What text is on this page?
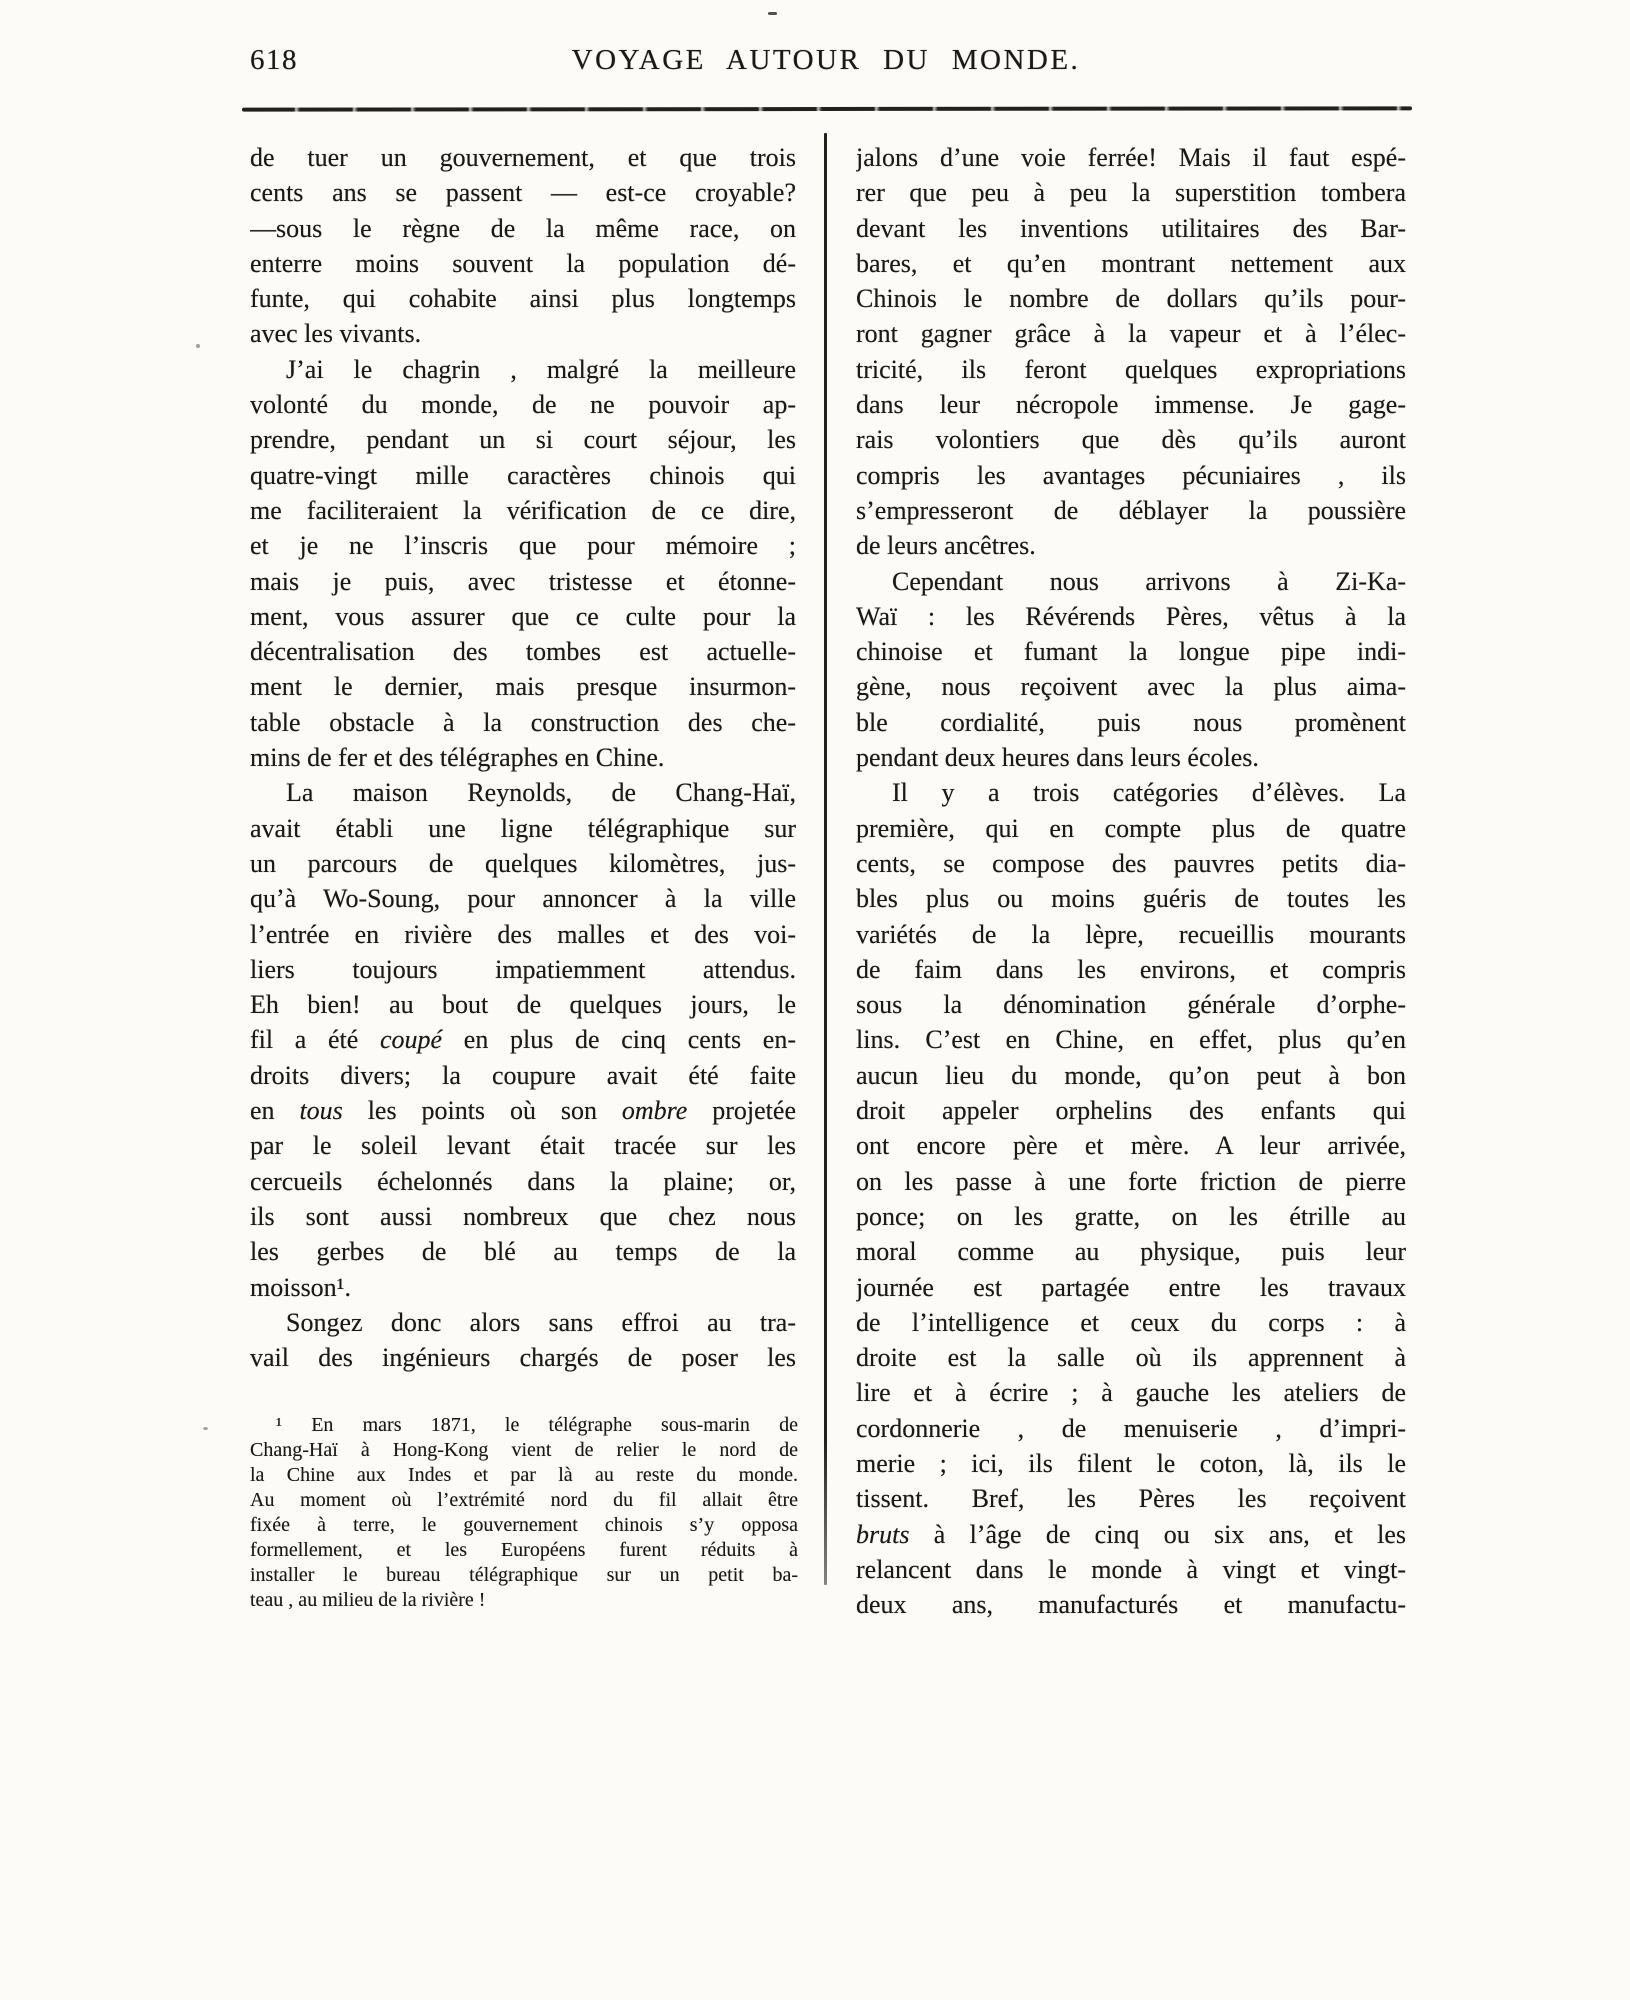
618	VOYAGE AUTOUR DU MONDE.
de tuer un gouvernement, et que trois
cents ans se passent — est-ce croyable?
—sous le règne de la même race, on
enterre moins souvent la population dé-
funte, qui cohabite ainsi plus longtemps
avec les vivants.
J’ai le chagrin , malgré la meilleure
volonté du monde, de ne pouvoir ap-
prendre, pendant un si court séjour, les
quatre-vingt mille caractères chinois qui
me faciliteraient la vérification de ce dire,
et je ne l’inscris que pour mémoire ;
mais je puis, avec tristesse et étonne-
ment, vous assurer que ce culte pour la
décentralisation des tombes est actuelle-
ment le dernier, mais presque insurmon-
table obstacle à la construction des che-
mins de fer et des télégraphes en Chine.
La maison Reynolds, de Chang-Haï,
avait établi une ligne télégraphique sur
un parcours de quelques kilomètres, jus-
qu’à Wo-Soung, pour annoncer à la ville
l’entrée en rivière des malles et des voi-
liers toujours impatiemment attendus.
Eh bien! au bout de quelques jours, le
fil a été coupé en plus de cinq cents en-
droits divers; la coupure avait été faite
en tous les points où son ombre projetée
par le soleil levant était tracée sur les
cercueils échelonnés dans la plaine; or,
ils sont aussi nombreux que chez nous
les gerbes de blé au temps de la
moisson¹.
Songez donc alors sans effroi au tra-
vail des ingénieurs chargés de poser les
jalons d’une voie ferrée! Mais il faut espé-
rer que peu à peu la superstition tombera
devant les inventions utilitaires des Bar-
bares, et qu’en montrant nettement aux
Chinois le nombre de dollars qu’ils pour-
ront gagner grâce à la vapeur et à l’élec-
tricité, ils feront quelques expropriations
dans leur nécropole immense. Je gage-
rais volontiers que dès qu’ils auront
compris les avantages pécuniaires , ils
s’empresseront de déblayer la poussière
de leurs ancêtres.
Cependant nous arrivons à Zi-Ka-
Waï : les Révérends Pères, vêtus à la
chinoise et fumant la longue pipe indi-
gène, nous reçoivent avec la plus aima-
ble cordialité, puis nous promènent
pendant deux heures dans leurs écoles.
Il y a trois catégories d’élèves. La
première, qui en compte plus de quatre
cents, se compose des pauvres petits dia-
bles plus ou moins guéris de toutes les
variétés de la lèpre, recueillis mourants
de faim dans les environs, et compris
sous la dénomination générale d’orphe-
lins. C’est en Chine, en effet, plus qu’en
aucun lieu du monde, qu’on peut à bon
droit appeler orphelins des enfants qui
ont encore père et mère. A leur arrivée,
on les passe à une forte friction de pierre
ponce; on les gratte, on les étrille au
moral comme au physique, puis leur
journée est partagée entre les travaux
de l’intelligence et ceux du corps : à
droite est la salle où ils apprennent à
lire et à écrire ; à gauche les ateliers de
cordonnerie , de menuiserie , d’impri-
merie ; ici, ils filent le coton, là, ils le
tissent. Bref, les Pères les reçoivent
bruts à l’âge de cinq ou six ans, et les
relancent dans le monde à vingt et vingt-
deux ans, manufacturés et manufactu-
¹ En mars 1871, le télégraphe sous-marin de
Chang-Haï à Hong-Kong vient de relier le nord de
la Chine aux Indes et par là au reste du monde.
Au moment où l’extrémité nord du fil allait être
fixée à terre, le gouvernement chinois s’y opposa
formellement, et les Européens furent réduits à
installer le bureau télégraphique sur un petit ba-
teau , au milieu de la rivière !
